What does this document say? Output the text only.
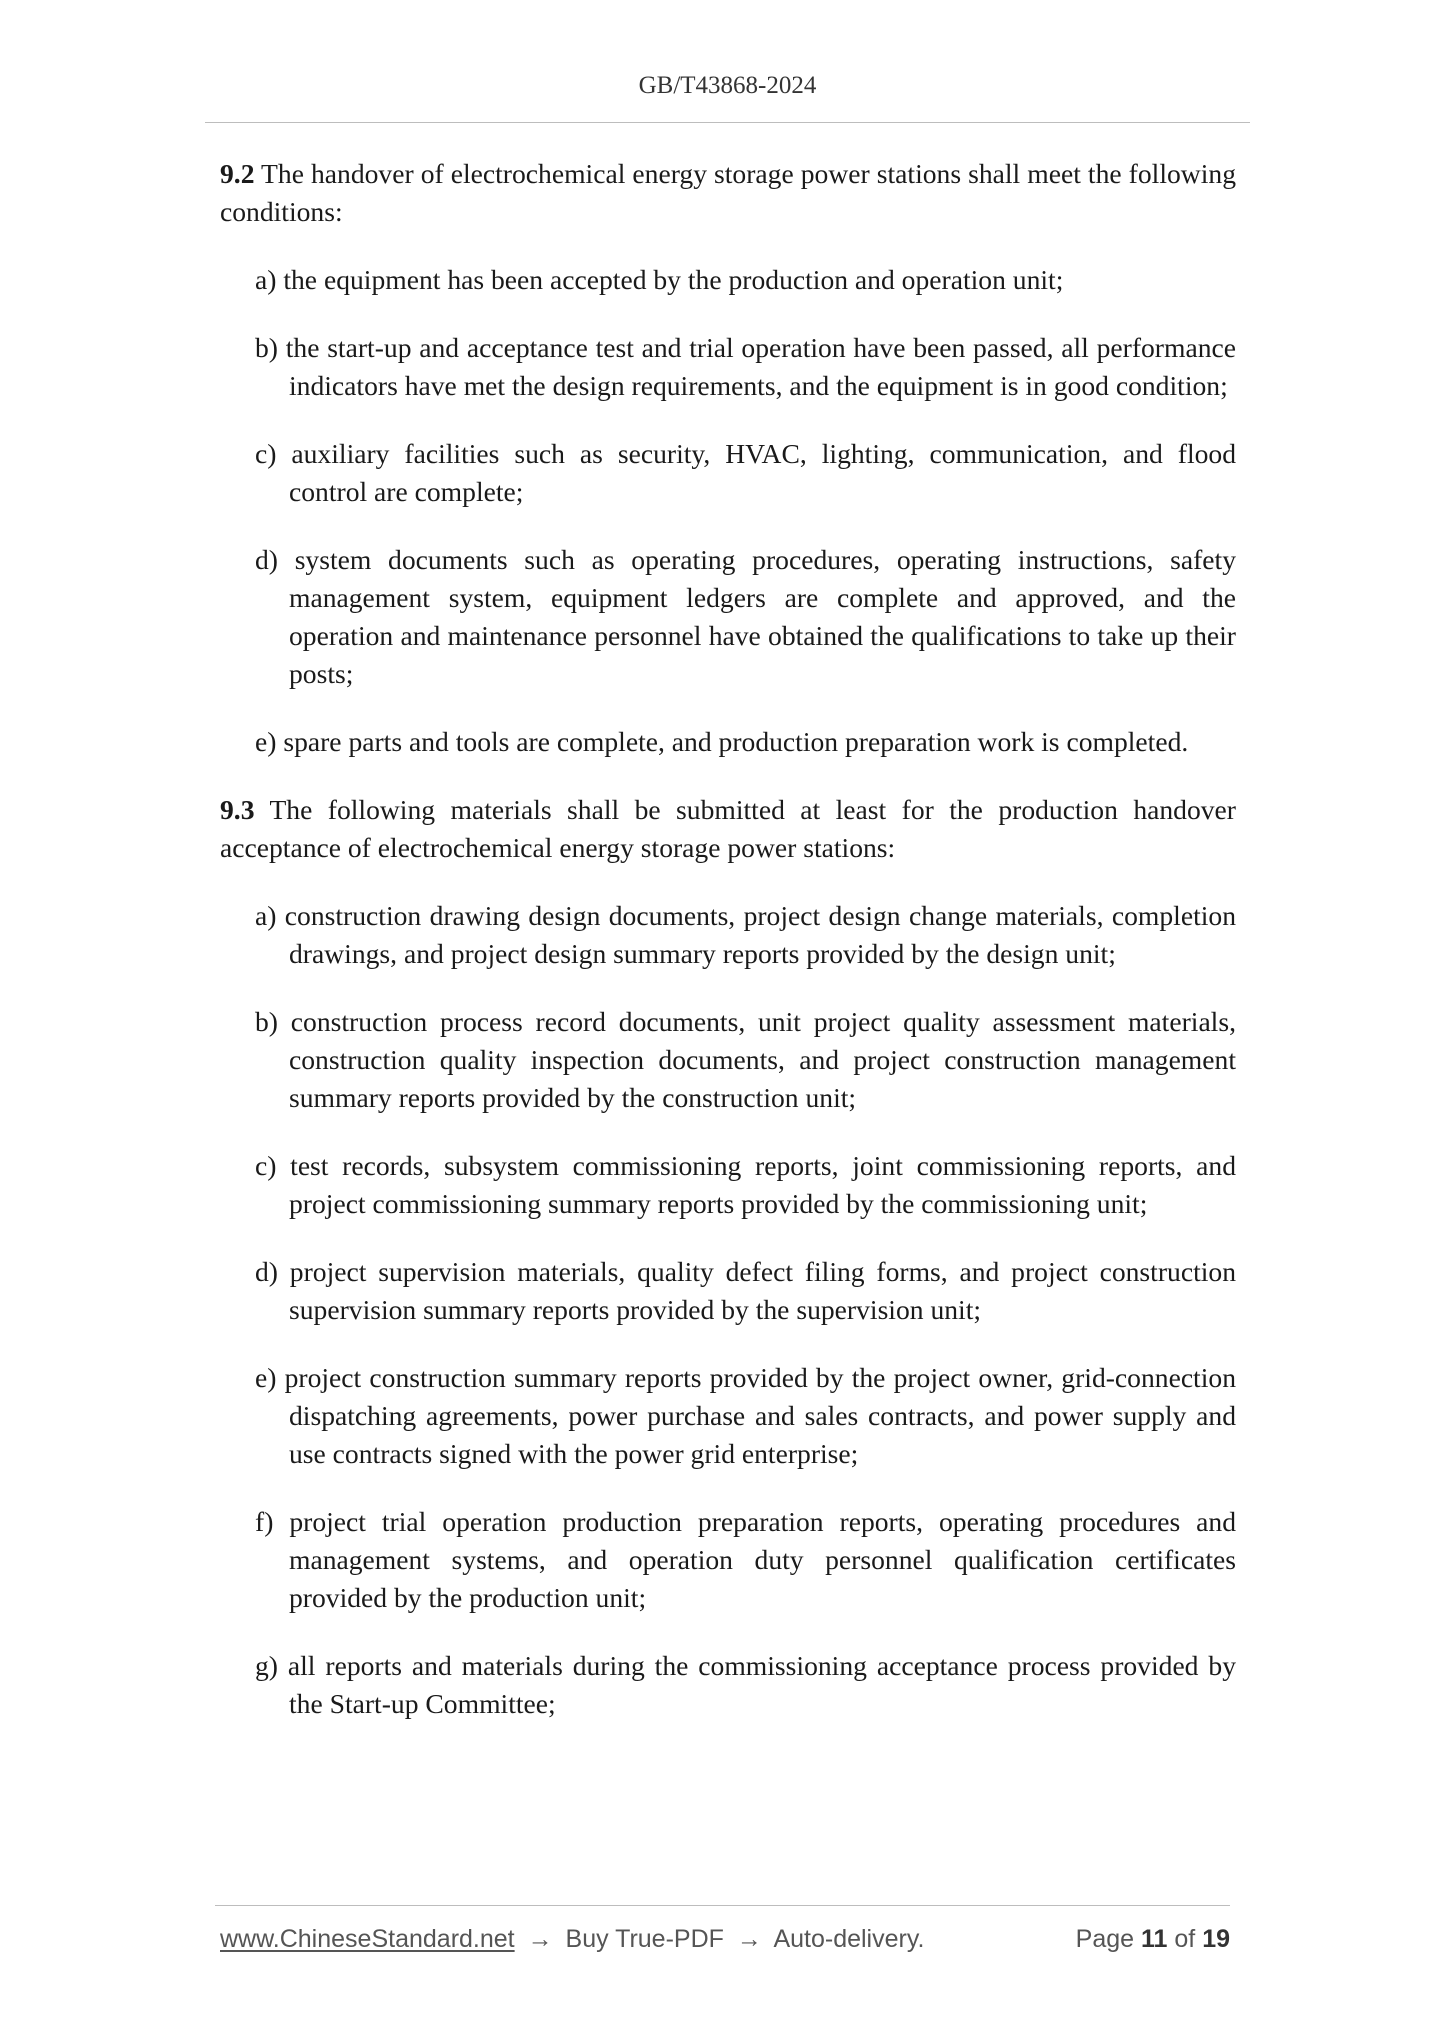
GB/T43868-2024

9.2 The handover of electrochemical energy storage power stations shall meet the following conditions:

a) the equipment has been accepted by the production and operation unit;

b) the start-up and acceptance test and trial operation have been passed, all performance indicators have met the design requirements, and the equipment is in good condition;

c) auxiliary facilities such as security, HVAC, lighting, communication, and flood control are complete;

d) system documents such as operating procedures, operating instructions, safety management system, equipment ledgers are complete and approved, and the operation and maintenance personnel have obtained the qualifications to take up their posts;

e) spare parts and tools are complete, and production preparation work is completed.

9.3 The following materials shall be submitted at least for the production handover acceptance of electrochemical energy storage power stations:

a) construction drawing design documents, project design change materials, completion drawings, and project design summary reports provided by the design unit;

b) construction process record documents, unit project quality assessment materials, construction quality inspection documents, and project construction management summary reports provided by the construction unit;

c) test records, subsystem commissioning reports, joint commissioning reports, and project commissioning summary reports provided by the commissioning unit;

d) project supervision materials, quality defect filing forms, and project construction supervision summary reports provided by the supervision unit;

e) project construction summary reports provided by the project owner, grid-connection dispatching agreements, power purchase and sales contracts, and power supply and use contracts signed with the power grid enterprise;

f) project trial operation production preparation reports, operating procedures and management systems, and operation duty personnel qualification certificates provided by the production unit;

g) all reports and materials during the commissioning acceptance process provided by the Start-up Committee;

www.ChineseStandard.net → Buy True-PDF → Auto-delivery.	Page 11 of 19
